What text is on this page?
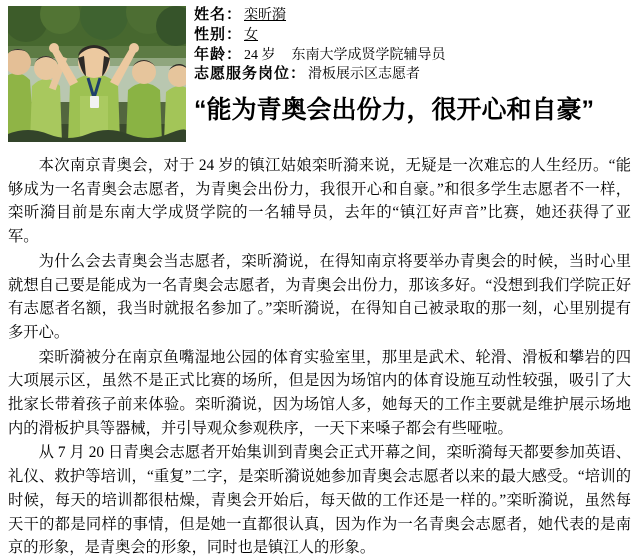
姓名： 栾昕漪
性别： 女
年龄： 24 岁 东南大学成贤学院辅导员
志愿服务岗位： 滑板展示区志愿者
“能为青奥会出份力，很开心和自豪”

本次南京青奥会，对于 24 岁的镇江姑娘栾昕漪来说，无疑是一次难忘的人生经历。“能够成为一名青奥会志愿者，为青奥会出份力，我很开心和自豪。”和很多学生志愿者不一样，栾昕漪目前是东南大学成贤学院的一名辅导员，去年的“镇江好声音”比赛，她还获得了亚军。

为什么会去青奥会当志愿者，栾昕漪说，在得知南京将要举办青奥会的时候，当时心里就想自己要是能成为一名青奥会志愿者，为青奥会出份力，那该多好。“没想到我们学院正好有志愿者名额，我当时就报名参加了。”栾昕漪说，在得知自己被录取的那一刻，心里别提有多开心。

栾昕漪被分在南京鱼嘴湿地公园的体育实验室里，那里是武术、轮滑、滑板和攀岩的四大项展示区，虽然不是正式比赛的场所，但是因为场馆内的体育设施互动性较强，吸引了大批家长带着孩子前来体验。栾昕漪说，因为场馆人多，她每天的工作主要就是维护展示场地内的滑板护具等器械，并引导观众参观秩序，一天下来嗓子都会有些哑啦。

从 7 月 20 日青奥会志愿者开始集训到青奥会正式开幕之间，栾昕漪每天都要参加英语、礼仪、救护等培训，“重复”二字，是栾昕漪说她参加青奥会志愿者以来的最大感受。“培训的时候，每天的培训都很枯燥，青奥会开始后，每天做的工作还是一样的。”栾昕漪说，虽然每天干的都是同样的事情，但是她一直都很认真，因为作为一名青奥会志愿者，她代表的是南京的形象，是青奥会的形象，同时也是镇江人的形象。
